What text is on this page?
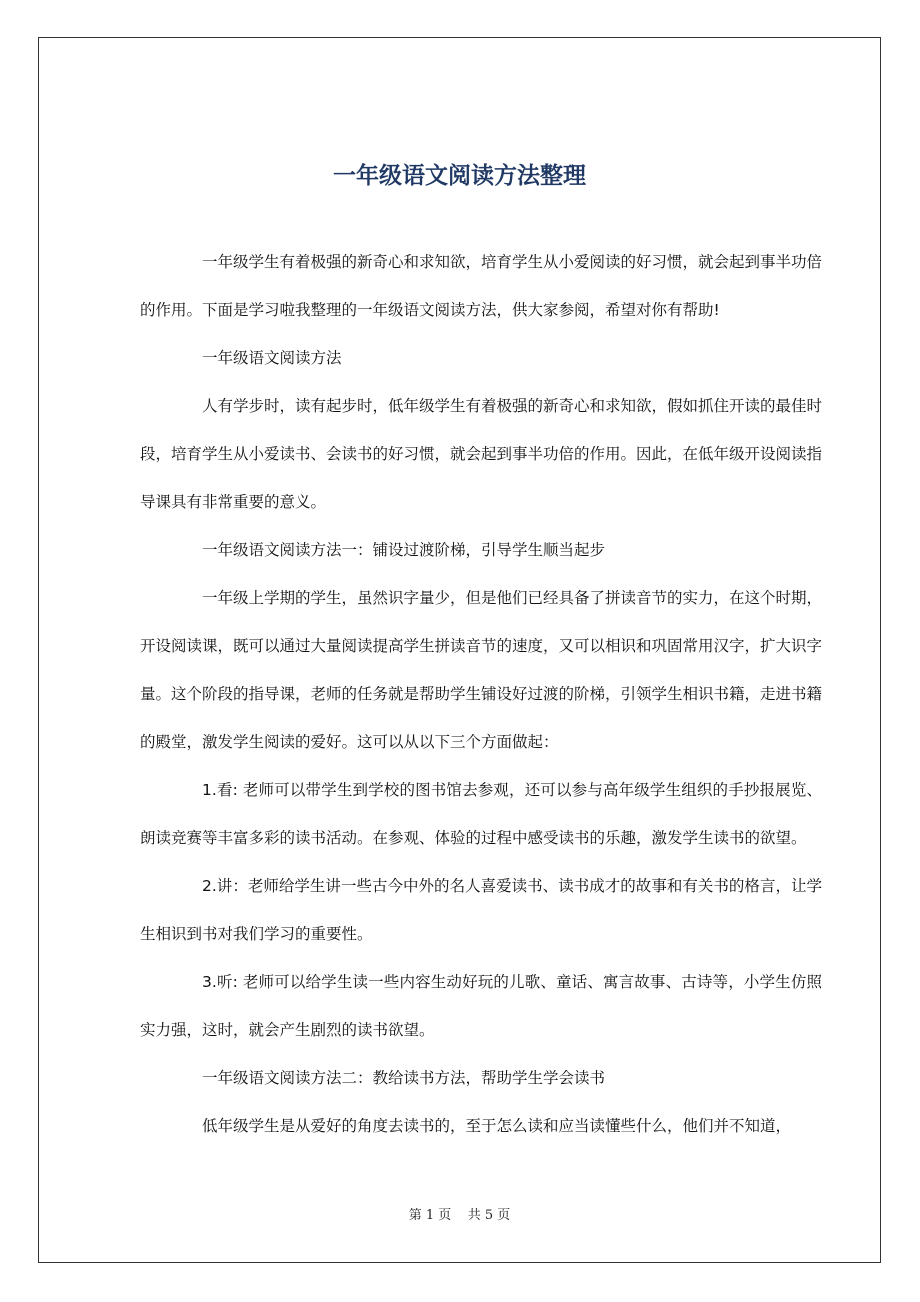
一年级语文阅读方法整理

一年级学生有着极强的新奇心和求知欲，培育学生从小爱阅读的好习惯，就会起到事半功倍的作用。下面是学习啦我整理的一年级语文阅读方法，供大家参阅，希望对你有帮助!

一年级语文阅读方法

人有学步时，读有起步时，低年级学生有着极强的新奇心和求知欲，假如抓住开读的最佳时段，培育学生从小爱读书、会读书的好习惯，就会起到事半功倍的作用。因此，在低年级开设阅读指导课具有非常重要的意义。

一年级语文阅读方法一：铺设过渡阶梯，引导学生顺当起步

一年级上学期的学生，虽然识字量少，但是他们已经具备了拼读音节的实力，在这个时期，开设阅读课，既可以通过大量阅读提高学生拼读音节的速度，又可以相识和巩固常用汉字，扩大识字量。这个阶段的指导课，老师的任务就是帮助学生铺设好过渡的阶梯，引领学生相识书籍，走进书籍的殿堂，激发学生阅读的爱好。这可以从以下三个方面做起：

1.看: 老师可以带学生到学校的图书馆去参观，还可以参与高年级学生组织的手抄报展览、朗读竞赛等丰富多彩的读书活动。在参观、体验的过程中感受读书的乐趣，激发学生读书的欲望。

2.讲：老师给学生讲一些古今中外的名人喜爱读书、读书成才的故事和有关书的格言，让学生相识到书对我们学习的重要性。

3.听: 老师可以给学生读一些内容生动好玩的儿歌、童话、寓言故事、古诗等，小学生仿照实力强，这时，就会产生剧烈的读书欲望。

一年级语文阅读方法二：教给读书方法，帮助学生学会读书

低年级学生是从爱好的角度去读书的，至于怎么读和应当读懂些什么，他们并不知道，

第 1 页 共 5 页
